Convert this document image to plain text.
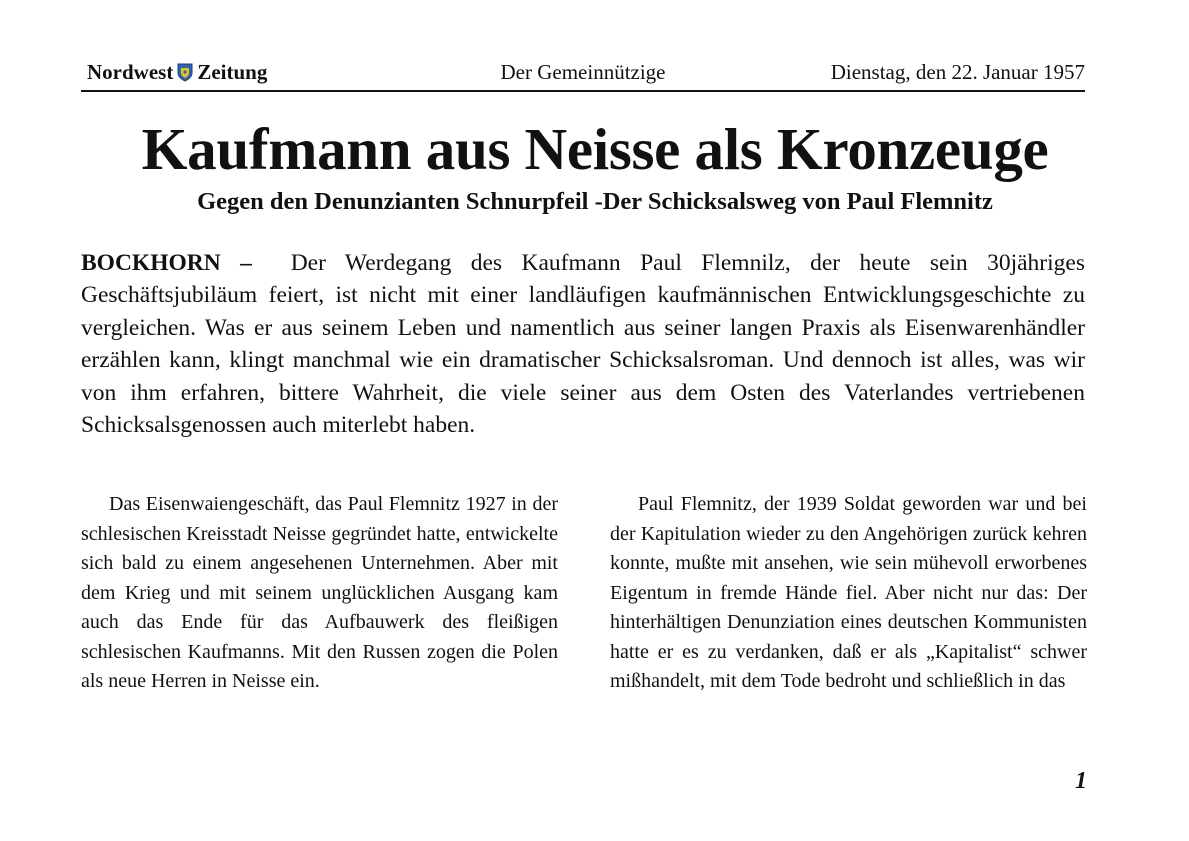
Nordwest Zeitung	Der Gemeinnützige	Dienstag, den 22. Januar 1957
Kaufmann aus Neisse als Kronzeuge
Gegen den Denunzianten Schnurpfeil -Der Schicksalsweg von Paul Flemnitz

BOCKHORN – Der Werdegang des Kaufmann Paul Flemnilz, der heute sein 30jähriges Geschäftsjubiläum feiert, ist nicht mit einer landläufigen kaufmännischen Entwicklungsgeschichte zu vergleichen. Was er aus seinem Leben und namentlich aus seiner langen Praxis als Eisenwarenhändler erzählen kann, klingt manchmal wie ein dramatischer Schicksalsroman. Und dennoch ist alles, was wir von ihm erfahren, bittere Wahrheit, die viele seiner aus dem Osten des Vaterlandes vertriebenen Schicksalsgenossen auch miterlebt haben.

Das Eisenwaiengeschäft, das Paul Flemnitz 1927 in der schlesischen Kreisstadt Neisse gegründet hatte, entwickelte sich bald zu einem angesehenen Unternehmen. Aber mit dem Krieg und mit seinem unglücklichen Ausgang kam auch das Ende für das Aufbauwerk des fleißigen schlesischen Kaufmanns. Mit den Russen zogen die Polen als neue Herren in Neisse ein.

Paul Flemnitz, der 1939 Soldat geworden war und bei der Kapitulation wieder zu den Angehörigen zurück kehren konnte, mußte mit ansehen, wie sein mühevoll erworbenes Eigentum in fremde Hände fiel. Aber nicht nur das: Der hinterhältigen Denunziation eines deutschen Kommunisten hatte er es zu verdanken, daß er als „Kapitalist“ schwer mißhandelt, mit dem Tode bedroht und schließlich in das

1
